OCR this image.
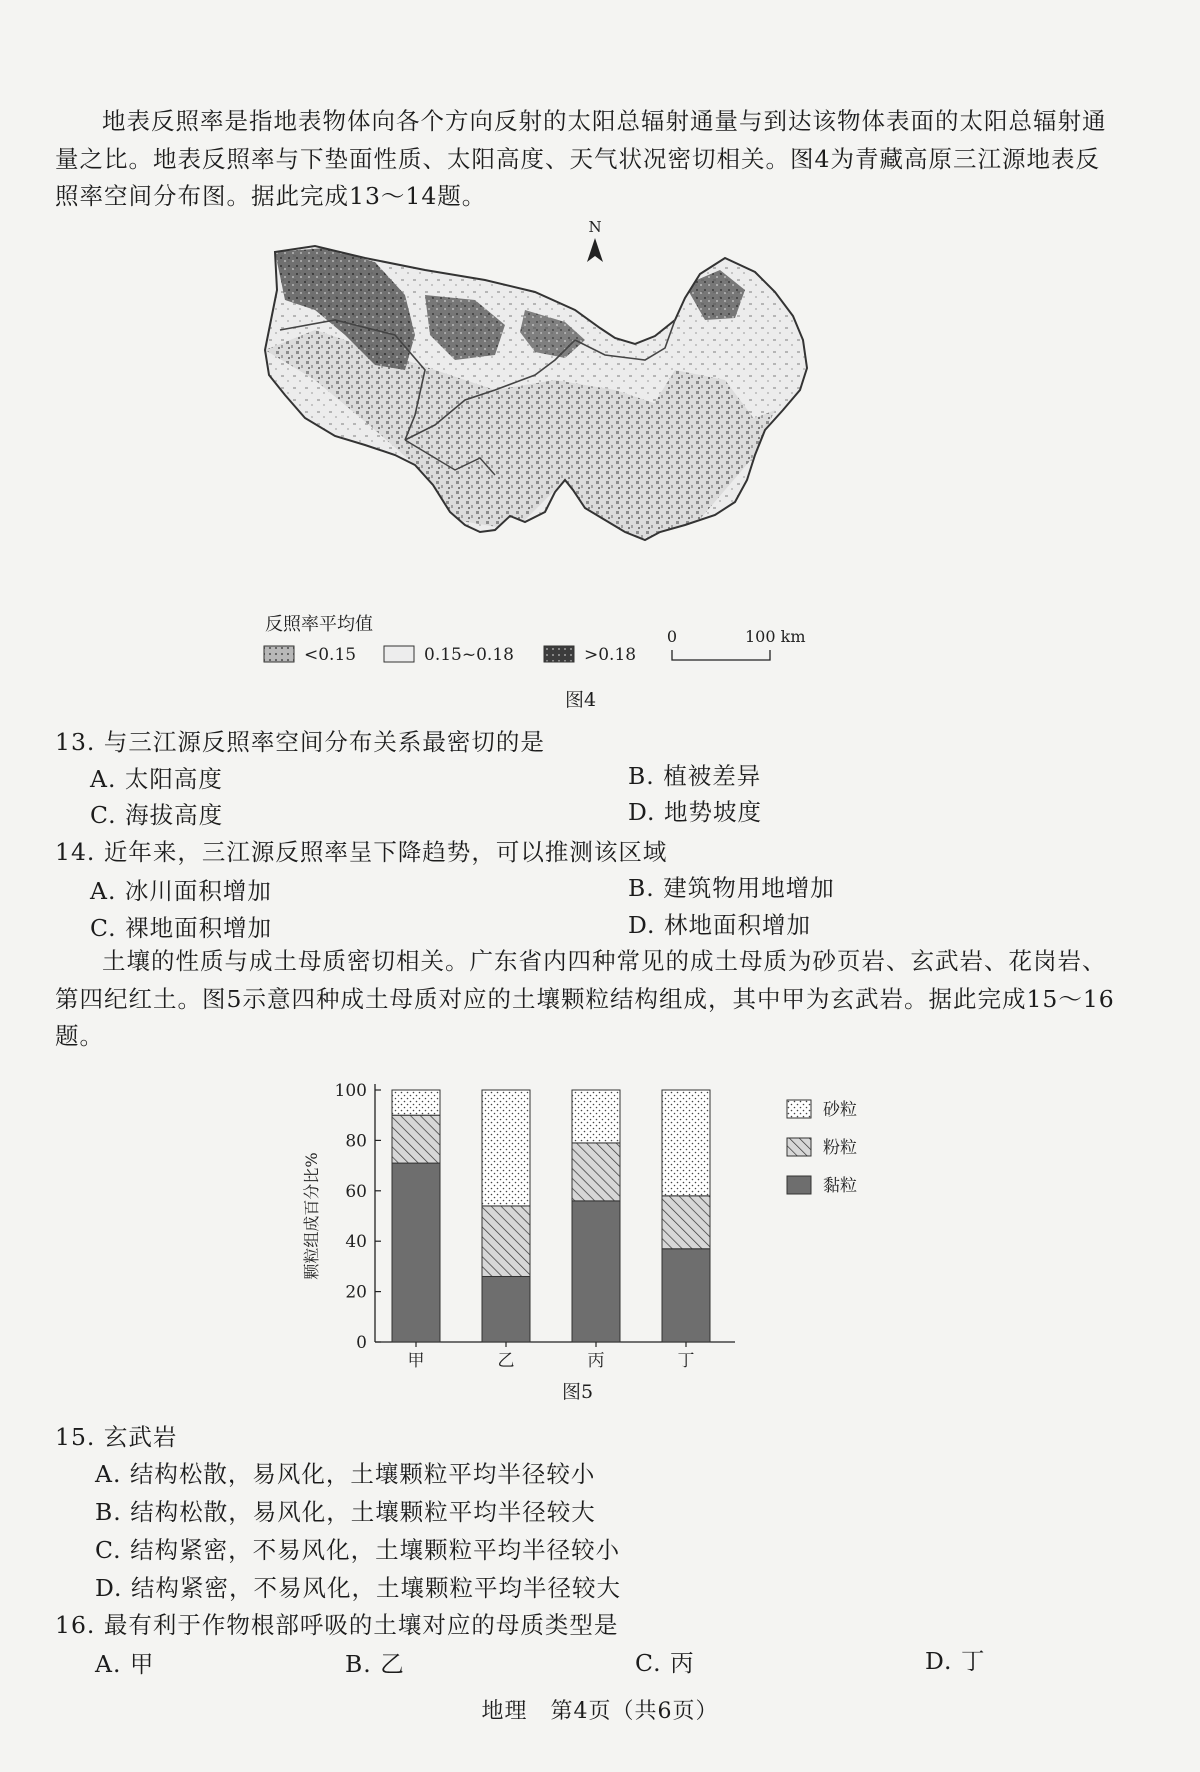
地表反照率是指地表物体向各个方向反射的太阳总辐射通量与到达该物体表面的太阳总辐射通量之比。地表反照率与下垫面性质、太阳高度、天气状况密切相关。图4为青藏高原三江源地表反照率空间分布图。据此完成13～14题。

N
反照率平均值
<0.15	0.15~0.18	>0.18
0	100 km
图4

13. 与三江源反照率空间分布关系最密切的是

A. 太阳高度	B. 植被差异

C. 海拔高度	D. 地势坡度

14. 近年来，三江源反照率呈下降趋势，可以推测该区域

A. 冰川面积增加	B. 建筑物用地增加

C. 裸地面积增加	D. 林地面积增加

土壤的性质与成土母质密切相关。广东省内四种常见的成土母质为砂页岩、玄武岩、花岗岩、第四纪红土。图5示意四种成土母质对应的土壤颗粒结构组成，其中甲为玄武岩。据此完成15～16题。

0
20
40
60
80
100
颗粒组成百分比%
甲	乙	丙	丁
砂粒
粉粒
黏粒
图5

15. 玄武岩

A. 结构松散，易风化，土壤颗粒平均半径较小

B. 结构松散，易风化，土壤颗粒平均半径较大

C. 结构紧密，不易风化，土壤颗粒平均半径较小

D. 结构紧密，不易风化，土壤颗粒平均半径较大

16. 最有利于作物根部呼吸的土壤对应的母质类型是

A. 甲	B. 乙	C. 丙	D. 丁

地理　第4页（共6页）
